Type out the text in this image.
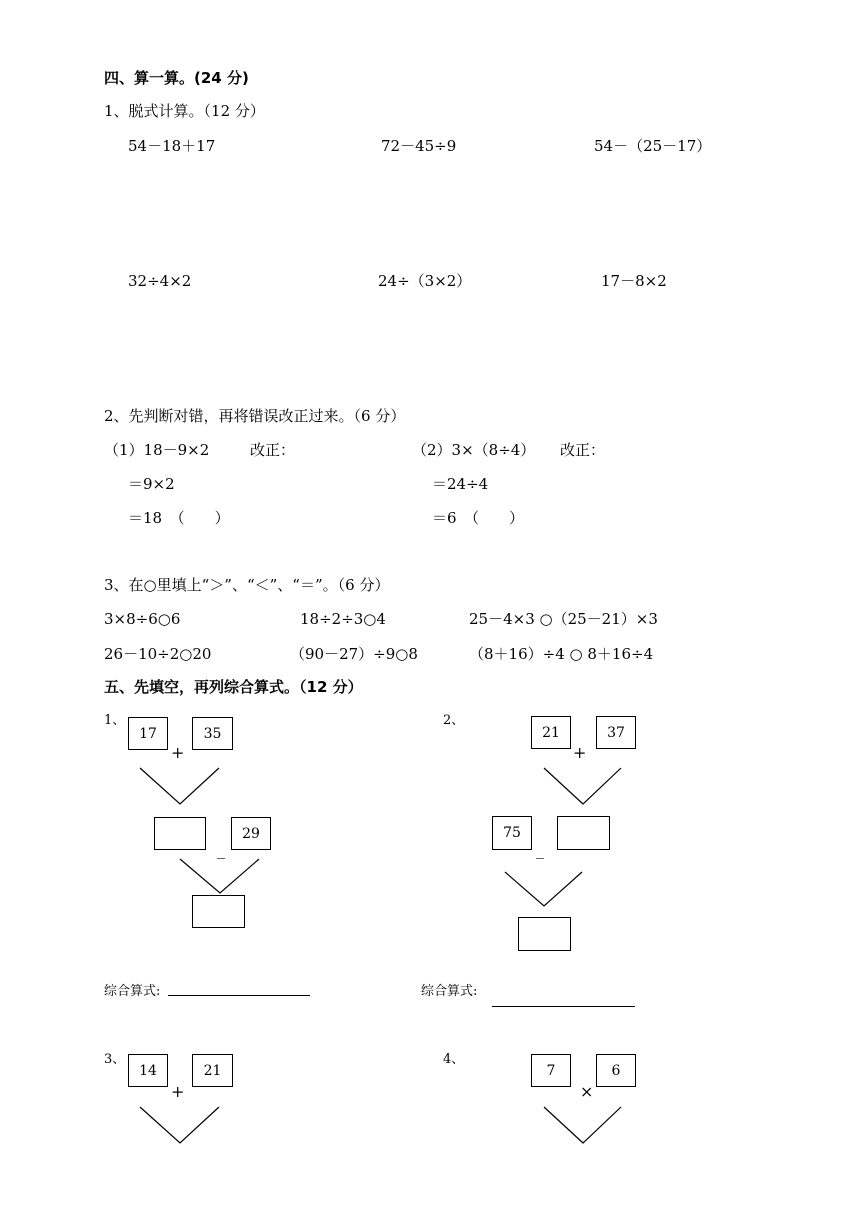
四、算一算。(24 分)
1、脱式计算。（12 分）
54－18＋17	72－45÷9	54－（25－17）
32÷4×2	24÷（3×2）	17－8×2
2、先判断对错，再将错误改正过来。（6 分）
（1）18－9×2	改正：
＝9×2
＝18　（　　）
（2）3×（8÷4） 改正：
＝24÷4
＝6　（　　）
3、在○里填上“＞”、“＜”、“＝”。（6 分）
3×8÷6○6	18÷2÷3○4	25－4×3 ○（25－21）×3
26－10÷2○20	（90－27）÷9○8	（8＋16）÷4 ○ 8＋16÷4
五、先填空，再列综合算式。（12 分）
1、
17
+
35
_
29
综合算式:
2、
21
+
37
75
_
综合算式:
3、
14
+
21
4、
7
×
6
